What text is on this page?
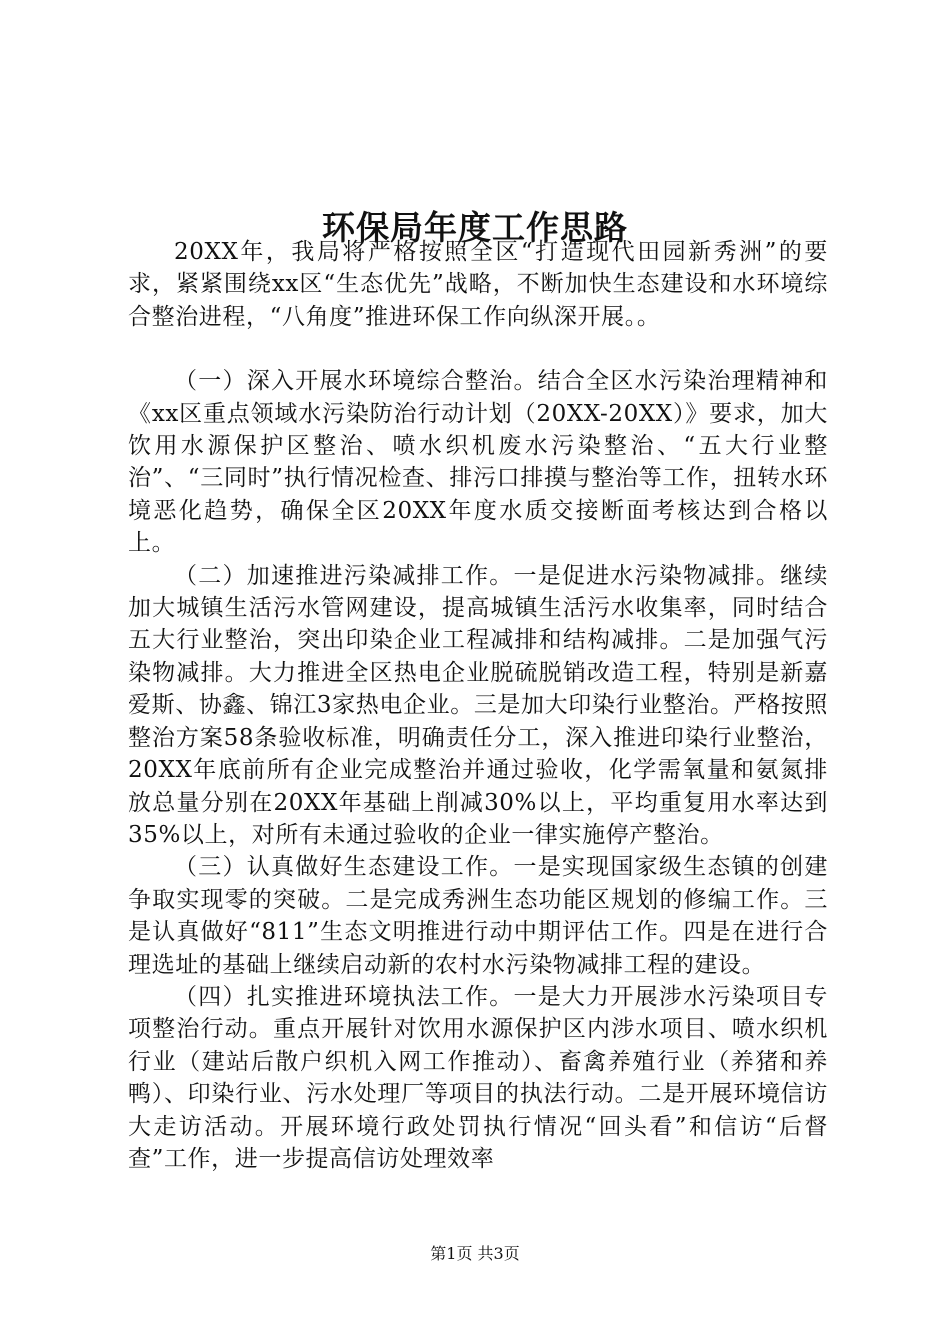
环保局年度工作思路

20XX年，我局将严格按照全区“打造现代田园新秀洲”的要求，紧紧围绕xx区“生态优先”战略，不断加快生态建设和水环境综合整治进程，“八角度”推进环保工作向纵深开展。。

（一）深入开展水环境综合整治。结合全区水污染治理精神和《xx区重点领域水污染防治行动计划（20XX-20XX）》要求，加大饮用水源保护区整治、喷水织机废水污染整治、“五大行业整治”、“三同时”执行情况检查、排污口排摸与整治等工作，扭转水环境恶化趋势，确保全区20XX年度水质交接断面考核达到合格以上。

（二）加速推进污染减排工作。一是促进水污染物减排。继续加大城镇生活污水管网建设，提高城镇生活污水收集率，同时结合五大行业整治，突出印染企业工程减排和结构减排。二是加强气污染物减排。大力推进全区热电企业脱硫脱销改造工程，特别是新嘉爱斯、协鑫、锦江3家热电企业。三是加大印染行业整治。严格按照整治方案58条验收标准，明确责任分工，深入推进印染行业整治，20XX年底前所有企业完成整治并通过验收，化学需氧量和氨氮排放总量分别在20XX年基础上削减30%以上，平均重复用水率达到35%以上，对所有未通过验收的企业一律实施停产整治。

（三）认真做好生态建设工作。一是实现国家级生态镇的创建争取实现零的突破。二是完成秀洲生态功能区规划的修编工作。三是认真做好“811”生态文明推进行动中期评估工作。四是在进行合理选址的基础上继续启动新的农村水污染物减排工程的建设。

（四）扎实推进环境执法工作。一是大力开展涉水污染项目专项整治行动。重点开展针对饮用水源保护区内涉水项目、喷水织机行业（建站后散户织机入网工作推动）、畜禽养殖行业（养猪和养鸭）、印染行业、污水处理厂等项目的执法行动。二是开展环境信访大走访活动。开展环境行政处罚执行情况“回头看”和信访“后督查”工作，进一步提高信访处理效率

第1页 共3页
